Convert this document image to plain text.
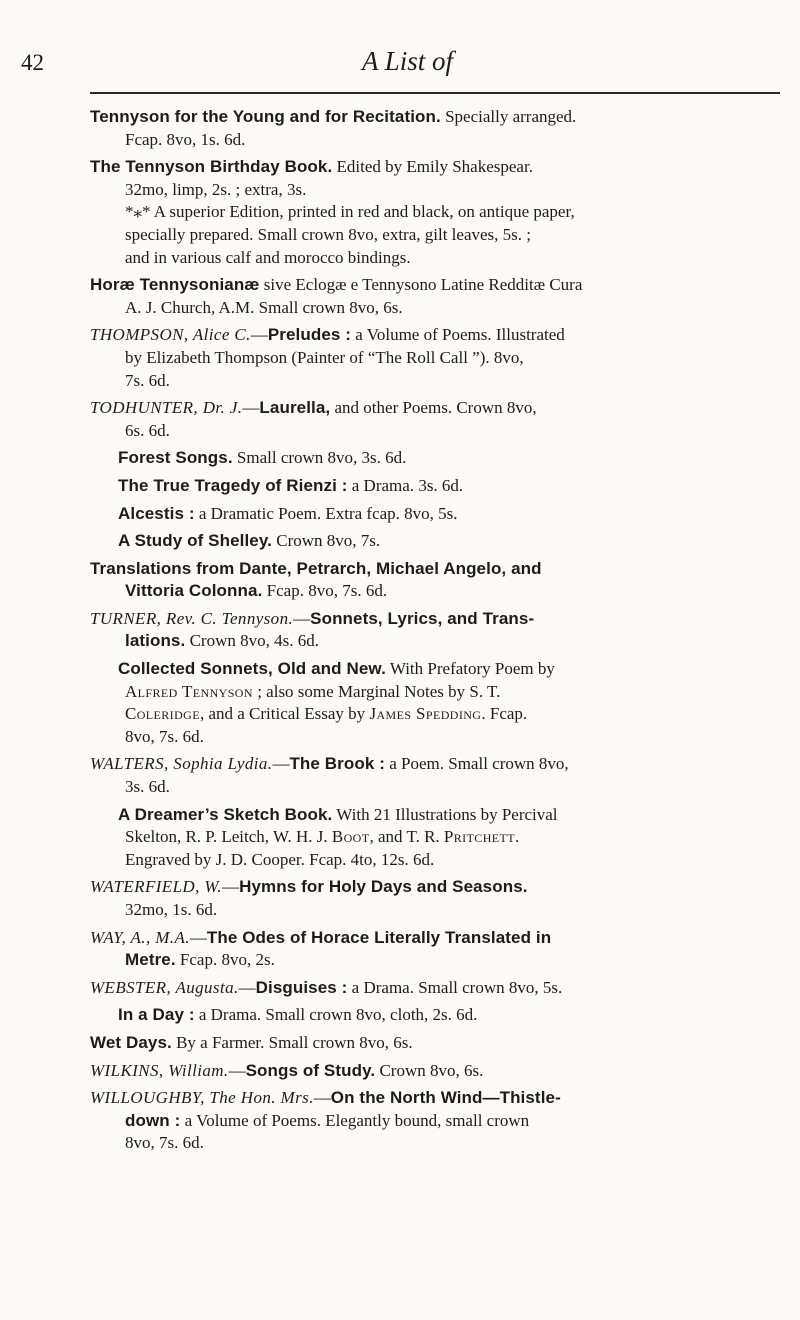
42	A List of
Tennyson for the Young and for Recitation. Specially arranged.
Fcap. 8vo, 1s. 6d.
The Tennyson Birthday Book. Edited by Emily Shakespear.
32mo, limp, 2s. ; extra, 3s.
*⁎* A superior Edition, printed in red and black, on antique paper,
specially prepared. Small crown 8vo, extra, gilt leaves, 5s. ;
and in various calf and morocco bindings.
Horæ Tennysonianæ sive Eclogæ e Tennysono Latine Redditæ Cura
A. J. Church, A.M. Small crown 8vo, 6s.
THOMPSON, Alice C.—Preludes : a Volume of Poems. Illustrated
by Elizabeth Thompson (Painter of “The Roll Call ”). 8vo,
7s. 6d.
TODHUNTER, Dr. J.—Laurella, and other Poems. Crown 8vo,
6s. 6d.
Forest Songs. Small crown 8vo, 3s. 6d.
The True Tragedy of Rienzi : a Drama. 3s. 6d.
Alcestis : a Dramatic Poem. Extra fcap. 8vo, 5s.
A Study of Shelley. Crown 8vo, 7s.
Translations from Dante, Petrarch, Michael Angelo, and
Vittoria Colonna. Fcap. 8vo, 7s. 6d.
TURNER, Rev. C. Tennyson.—Sonnets, Lyrics, and Trans-
lations. Crown 8vo, 4s. 6d.
Collected Sonnets, Old and New. With Prefatory Poem by
Alfred Tennyson ; also some Marginal Notes by S. T.
Coleridge, and a Critical Essay by James Spedding. Fcap.
8vo, 7s. 6d.
WALTERS, Sophia Lydia.—The Brook : a Poem. Small crown 8vo,
3s. 6d.
A Dreamer’s Sketch Book. With 21 Illustrations by Percival
Skelton, R. P. Leitch, W. H. J. Boot, and T. R. Pritchett.
Engraved by J. D. Cooper. Fcap. 4to, 12s. 6d.
WATERFIELD, W.—Hymns for Holy Days and Seasons.
32mo, 1s. 6d.
WAY, A., M.A.—The Odes of Horace Literally Translated in
Metre. Fcap. 8vo, 2s.
WEBSTER, Augusta.—Disguises : a Drama. Small crown 8vo, 5s.
In a Day : a Drama. Small crown 8vo, cloth, 2s. 6d.
Wet Days. By a Farmer. Small crown 8vo, 6s.
WILKINS, William.—Songs of Study. Crown 8vo, 6s.
WILLOUGHBY, The Hon. Mrs.—On the North Wind—Thistle-
down : a Volume of Poems. Elegantly bound, small crown
8vo, 7s. 6d.
